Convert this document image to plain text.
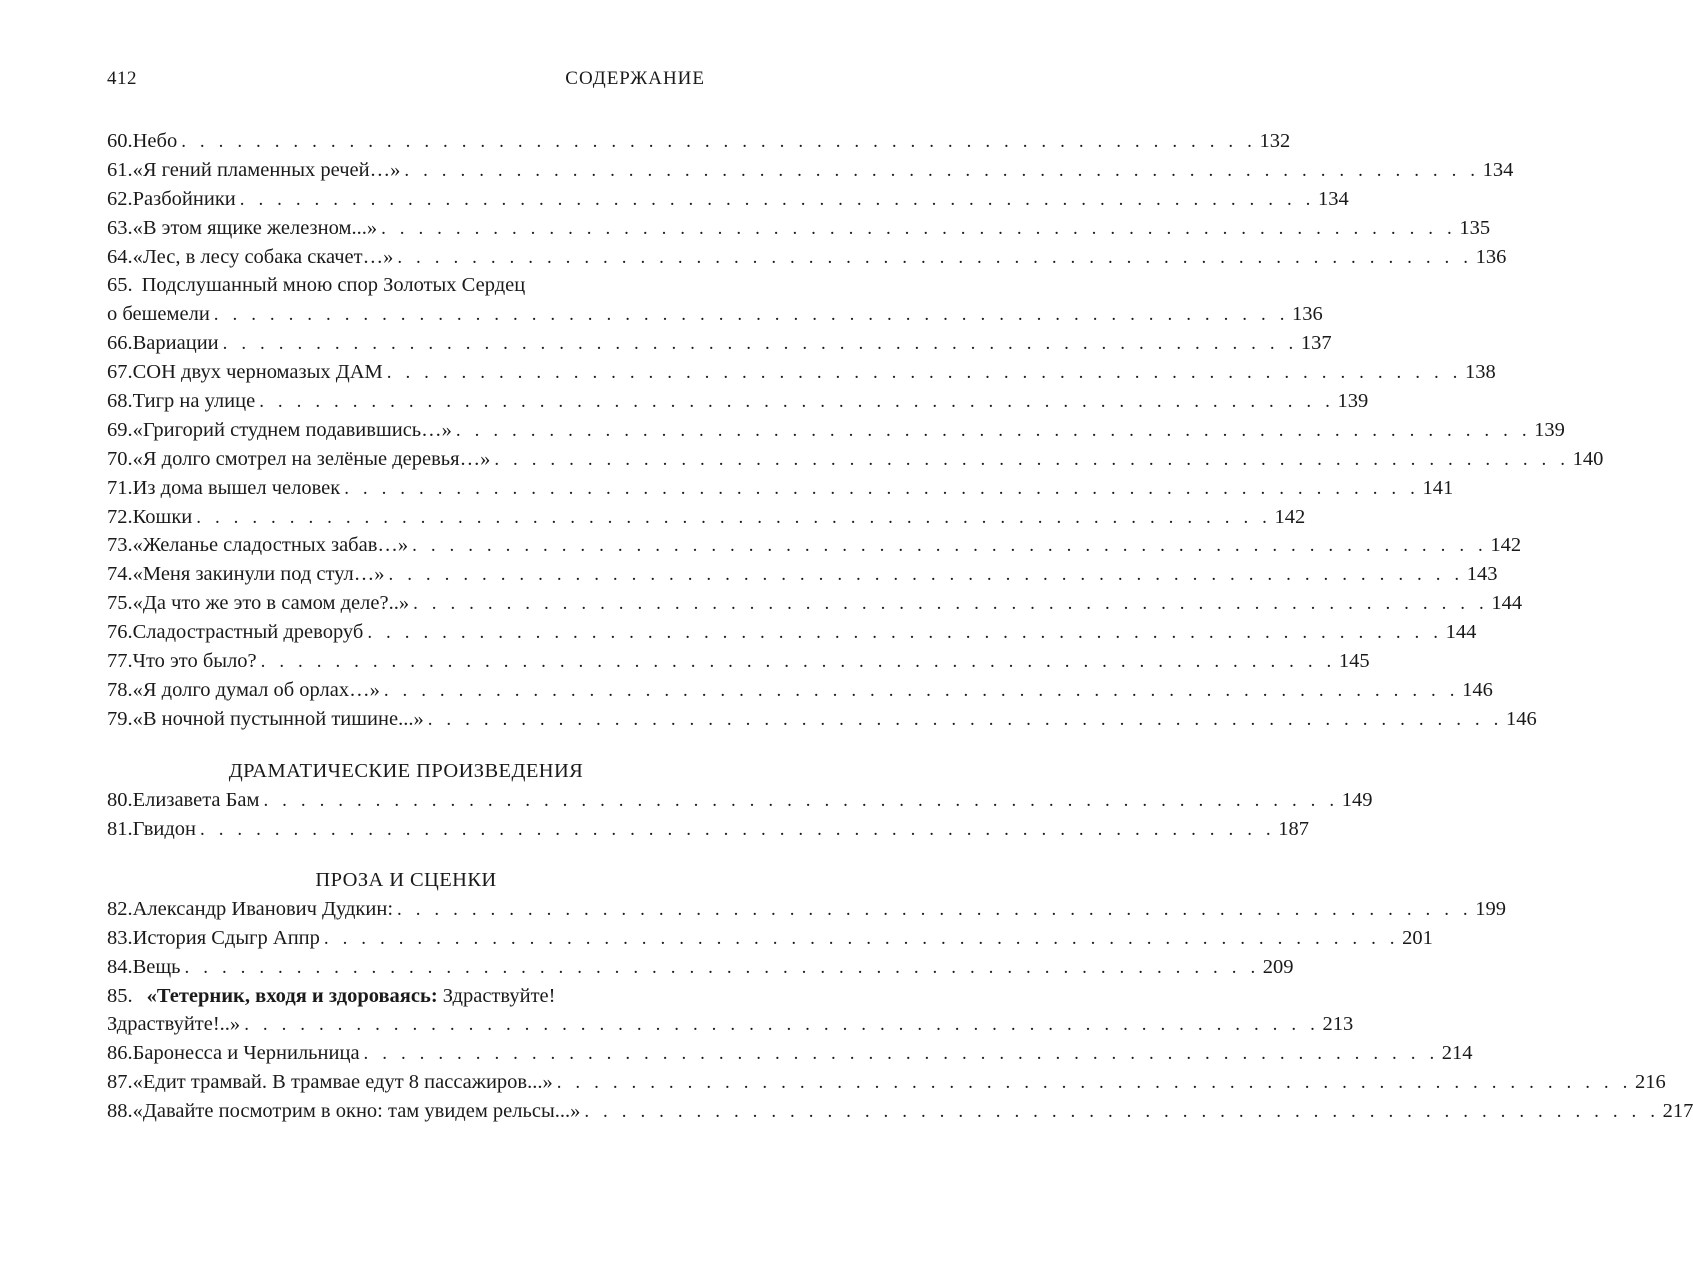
412	СОДЕРЖАНИЕ
60. Небо . . . . . . . . . . . . . . . . . . . . . . . . . . . . . . . . . . . . . . . . . . . . . . . . . . . . . . . . . . 132
61. «Я гений пламенных речей…» . . . . . . . . . . . . . . . . . . . . . . . . . . . . . . . . . . . . . . . . . . . . . . . . . . . . . . . . . . 134
62. Разбойники . . . . . . . . . . . . . . . . . . . . . . . . . . . . . . . . . . . . . . . . . . . . . . . . . . . . . . . . . . 134
63. «В этом ящике железном...» . . . . . . . . . . . . . . . . . . . . . . . . . . . . . . . . . . . . . . . . . . . . . . . . . . . . . . . . . . 135
64. «Лес, в лесу собака скачет…» . . . . . . . . . . . . . . . . . . . . . . . . . . . . . . . . . . . . . . . . . . . . . . . . . . . . . . . . . . 136
65. Подслушанный мною спор Золотых Сердец
о бешемели . . . . . . . . . . . . . . . . . . . . . . . . . . . . . . . . . . . . . . . . . . . . . . . . . . . . . . . . . . 136
66. Вариации . . . . . . . . . . . . . . . . . . . . . . . . . . . . . . . . . . . . . . . . . . . . . . . . . . . . . . . . . . 137
67. СОН двух черномазых ДАМ . . . . . . . . . . . . . . . . . . . . . . . . . . . . . . . . . . . . . . . . . . . . . . . . . . . . . . . . . . 138
68. Тигр на улице . . . . . . . . . . . . . . . . . . . . . . . . . . . . . . . . . . . . . . . . . . . . . . . . . . . . . . . . . . 139
69. «Григорий студнем подавившись…» . . . . . . . . . . . . . . . . . . . . . . . . . . . . . . . . . . . . . . . . . . . . . . . . . . . . . . . . . . 139
70. «Я долго смотрел на зелёные деревья…» . . . . . . . . . . . . . . . . . . . . . . . . . . . . . . . . . . . . . . . . . . . . . . . . . . . . . . . . . . 140
71. Из дома вышел человек . . . . . . . . . . . . . . . . . . . . . . . . . . . . . . . . . . . . . . . . . . . . . . . . . . . . . . . . . . 141
72. Кошки . . . . . . . . . . . . . . . . . . . . . . . . . . . . . . . . . . . . . . . . . . . . . . . . . . . . . . . . . . 142
73. «Желанье сладостных забав…» . . . . . . . . . . . . . . . . . . . . . . . . . . . . . . . . . . . . . . . . . . . . . . . . . . . . . . . . . . 142
74. «Меня закинули под стул…» . . . . . . . . . . . . . . . . . . . . . . . . . . . . . . . . . . . . . . . . . . . . . . . . . . . . . . . . . . 143
75. «Да что же это в самом деле?..» . . . . . . . . . . . . . . . . . . . . . . . . . . . . . . . . . . . . . . . . . . . . . . . . . . . . . . . . . . 144
76. Сладострастный древоруб . . . . . . . . . . . . . . . . . . . . . . . . . . . . . . . . . . . . . . . . . . . . . . . . . . . . . . . . . . 144
77. Что это было? . . . . . . . . . . . . . . . . . . . . . . . . . . . . . . . . . . . . . . . . . . . . . . . . . . . . . . . . . . 145
78. «Я долго думал об орлах…» . . . . . . . . . . . . . . . . . . . . . . . . . . . . . . . . . . . . . . . . . . . . . . . . . . . . . . . . . . 146
79. «В ночной пустынной тишине...» . . . . . . . . . . . . . . . . . . . . . . . . . . . . . . . . . . . . . . . . . . . . . . . . . . . . . . . . . . 146
ДРАМАТИЧЕСКИЕ ПРОИЗВЕДЕНИЯ
80. Елизавета Бам . . . . . . . . . . . . . . . . . . . . . . . . . . . . . . . . . . . . . . . . . . . . . . . . . . . . . . . . . . 149
81. Гвидон . . . . . . . . . . . . . . . . . . . . . . . . . . . . . . . . . . . . . . . . . . . . . . . . . . . . . . . . . . 187
ПРОЗА И СЦЕНКИ
82. Александр Иванович Дудкин: . . . . . . . . . . . . . . . . . . . . . . . . . . . . . . . . . . . . . . . . . . . . . . . . . . . . . . . . . . 199
83. История Сдыгр Аппр . . . . . . . . . . . . . . . . . . . . . . . . . . . . . . . . . . . . . . . . . . . . . . . . . . . . . . . . . . 201
84. Вещь . . . . . . . . . . . . . . . . . . . . . . . . . . . . . . . . . . . . . . . . . . . . . . . . . . . . . . . . . . 209
85. «Тетерник, входя и здороваясь: Здраствуйте!
Здраствуйте!..» . . . . . . . . . . . . . . . . . . . . . . . . . . . . . . . . . . . . . . . . . . . . . . . . . . . . . . . . . . 213
86. Баронесса и Чернильница . . . . . . . . . . . . . . . . . . . . . . . . . . . . . . . . . . . . . . . . . . . . . . . . . . . . . . . . . . 214
87. «Едит трамвай. В трамвае едут 8 пассажиров...» . . . . . . . . . . . . . . . . . . . . . . . . . . . . . . . . . . . . . . . . . . . . . . . . . . . . . . . . . . 216
88. «Давайте посмотрим в окно: там увидем рельсы...» . . . . . . . . . . . . . . . . . . . . . . . . . . . . . . . . . . . . . . . . . . . . . . . . . . . . . . . . . . 217
